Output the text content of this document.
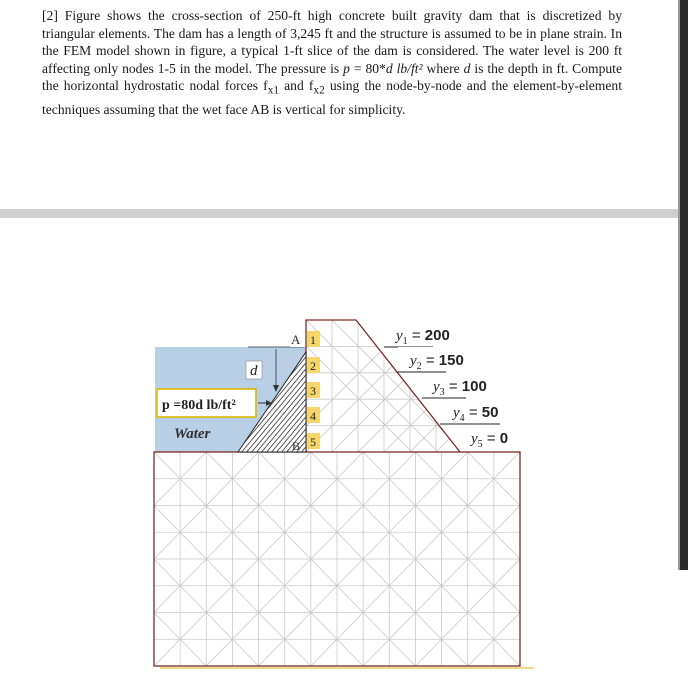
[2] Figure shows the cross-section of 250-ft high concrete built gravity dam that is discretized by triangular elements. The dam has a length of 3,245 ft and the structure is assumed to be in plane strain. In the FEM model shown in figure, a typical 1-ft slice of the dam is considered. The water level is 200 ft affecting only nodes 1-5 in the model. The pressure is p = 80*d lb/ft² where d is the depth in ft. Compute the horizontal hydrostatic nodal forces $f_{x1}$ and $f_{x2}$ using the node-by-node and the element-by-element techniques assuming that the wet face AB is vertical for simplicity.

d
p =80d lb/ft²
Water
A
B
1
2
3
4
5
$y_1 = 200$
$y_2 = 150$
$y_3 = 100$
$y_4 = 50$
$y_5 = 0$
